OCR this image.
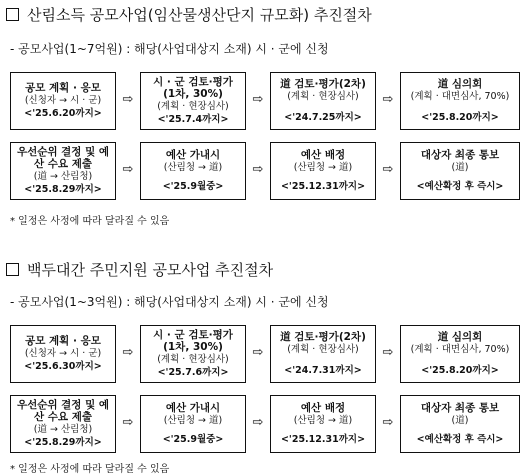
산림소득 공모사업(임산물생산단지 규모화) 추진절차
- 공모사업(1~7억원) : 해당(사업대상지 소재) 시 · 군에 신청
공모 계획 · 응모
(신청자 → 시 · 군)
<'25.6.20까지>
⇨
시 · 군 검토·평가
(1차, 30%)
(계획 · 현장심사)
<'25.7.4까지>
⇨
道 검토·평가(2차)
(계획 · 현장심사)
<'24.7.25까지>
⇨
道 심의회
(계획 · 대면심사, 70%)
<'25.8.20까지>
우선순위 결정 및 예산 수요 제출
(道 → 산림청)
<'25.8.29까지>
⇨
예산 가내시
(산림청 → 道)
<'25.9월중>
⇨
예산 배정
(산림청 → 道)
<'25.12.31까지>
⇨
대상자 최종 통보
(道)
<예산확정 후 즉시>
* 일정은 사정에 따라 달라질 수 있음
백두대간 주민지원 공모사업 추진절차
- 공모사업(1~3억원) : 해당(사업대상지 소재) 시 · 군에 신청
공모 계획 · 응모
(신청자 → 시 · 군)
<'25.6.30까지>
⇨
시 · 군 검토·평가
(1차, 30%)
(계획 · 현장심사)
<'25.7.6까지>
⇨
道 검토·평가(2차)
(계획 · 현장심사)
<'24.7.31까지>
⇨
道 심의회
(계획 · 대면심사, 70%)
<'25.8.20까지>
우선순위 결정 및 예산 수요 제출
(道 → 산림청)
<'25.8.29까지>
⇨
예산 가내시
(산림청 → 道)
<'25.9월중>
⇨
예산 배정
(산림청 → 道)
<'25.12.31까지>
⇨
대상자 최종 통보
(道)
<예산확정 후 즉시>
* 일정은 사정에 따라 달라질 수 있음
